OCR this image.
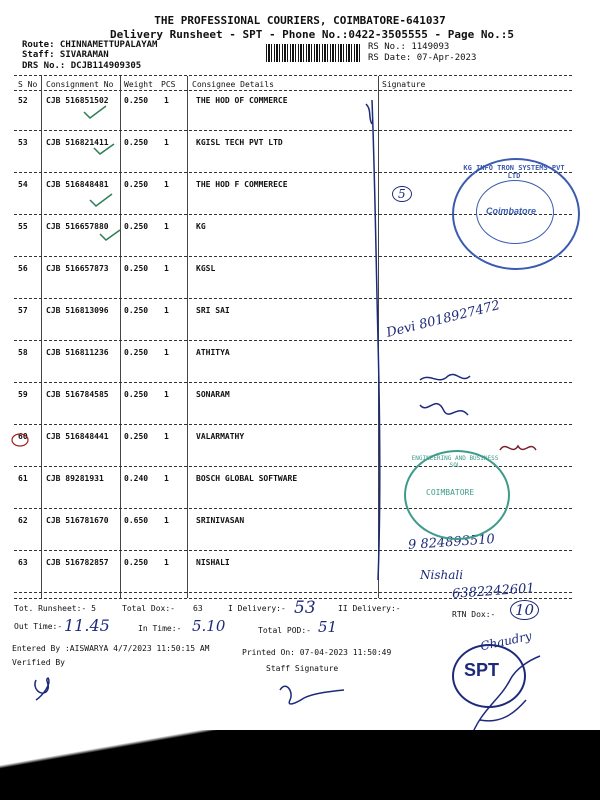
THE PROFESSIONAL COURIERS, COIMBATORE-641037
Delivery Runsheet - SPT - Phone No.:0422-3505555 - Page No.:5
Route: CHINNAMETTUPALAYAM
Staff: SIVARAMAN
DRS No.: DCJB114909305
RS No.: 1149093
RS Date: 07-Apr-2023
S No Consignment No Weight PCS Consignee Details	Signature
52 CJB 516851502 0.250 1	THE HOD OF COMMERCE
53 CJB 516821411 0.250 1	KGISL TECH PVT LTD
54 CJB 516848481 0.250 1	THE HOD F COMMERECE
55 CJB 516657880 0.250 1	KG
56 CJB 516657873 0.250 1	KGSL
57 CJB 516813096 0.250 1	SRI SAI
58 CJB 516811236 0.250 1	ATHITYA
59 CJB 516784585 0.250 1	SONARAM
60 CJB 516848441 0.250 1	VALARMATHY
61 CJB 89281931	0.240 1	BOSCH GLOBAL SOFTWARE
62 CJB 516781670 0.650 1	SRINIVASAN
63 CJB 516782857 0.250 1	NISHALI
Tot. Runsheet:- 5	Total Dox:- 63	I Delivery:- 53	II Delivery:-
RTN Dox:-	10
Out Time:- 11.45	In Time:- 5.10	Total POD:- 51
Entered By :AISWARYA 4/7/2023 11:50:15 AM	Printed On: 07-04-2023 11:50:49
Verified By
Staff Signature
Devi 8018927472
9 824893510
Nishali
6382242601
5
Chaudry
KG INFO TRON SYSTEMS PVT LTD
Coimbatore
ENGINEERING AND BUSINESS SOL
COIMBATORE
SPT
